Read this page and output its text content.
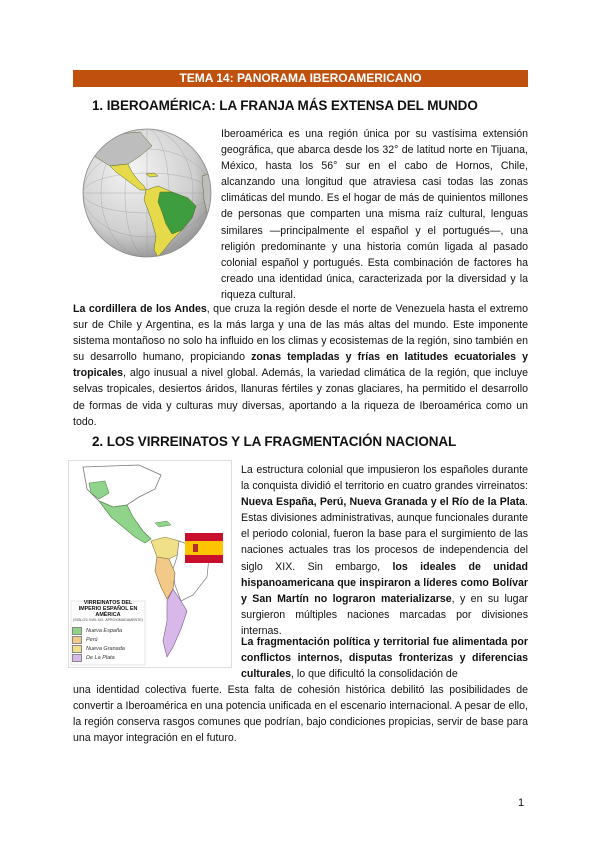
TEMA 14: PANORAMA IBEROAMERICANO
1. IBEROAMÉRICA: LA FRANJA MÁS EXTENSA DEL MUNDO

Iberoamérica es una región única por su vastísima extensión geográfica, que abarca desde los 32° de latitud norte en Tijuana, México, hasta los 56° sur en el cabo de Hornos, Chile, alcanzando una longitud que atraviesa casi todas las zonas climáticas del mundo. Es el hogar de más de quinientos millones de personas que comparten una misma raíz cultural, lenguas similares —principalmente el español y el portugués—, una religión predominante y una historia común ligada al pasado colonial español y portugués. Esta combinación de factores ha creado una identidad única, caracterizada por la diversidad y la riqueza cultural.

La cordillera de los Andes, que cruza la región desde el norte de Venezuela hasta el extremo sur de Chile y Argentina, es la más larga y una de las más altas del mundo. Este imponente sistema montañoso no solo ha influido en los climas y ecosistemas de la región, sino también en su desarrollo humano, propiciando zonas templadas y frías en latitudes ecuatoriales y tropicales, algo inusual a nivel global. Además, la variedad climática de la región, que incluye selvas tropicales, desiertos áridos, llanuras fértiles y zonas glaciares, ha permitido el desarrollo de formas de vida y culturas muy diversas, aportando a la riqueza de Iberoamérica como un todo.

2. LOS VIRREINATOS Y LA FRAGMENTACIÓN NACIONAL
VIRREINATOS DEL IMPERIO ESPAÑOL EN AMÉRICA
(SIGLOS XVIII-XIX, APROXIMADAMENTE)
Nueva España
Perú
Nueva Granada
De La Plata

La estructura colonial que impusieron los españoles durante la conquista dividió el territorio en cuatro grandes virreinatos: Nueva España, Perú, Nueva Granada y el Río de la Plata. Estas divisiones administrativas, aunque funcionales durante el periodo colonial, fueron la base para el surgimiento de las naciones actuales tras los procesos de independencia del siglo XIX. Sin embargo, los ideales de unidad hispanoamericana que inspiraron a líderes como Bolívar y San Martín no lograron materializarse, y en su lugar surgieron múltiples naciones marcadas por divisiones internas.

La fragmentación política y territorial fue alimentada por conflictos internos, disputas fronterizas y diferencias culturales, lo que dificultó la consolidación de

una identidad colectiva fuerte. Esta falta de cohesión histórica debilitó las posibilidades de convertir a Iberoamérica en una potencia unificada en el escenario internacional. A pesar de ello, la región conserva rasgos comunes que podrían, bajo condiciones propicias, servir de base para una mayor integración en el futuro.

1
